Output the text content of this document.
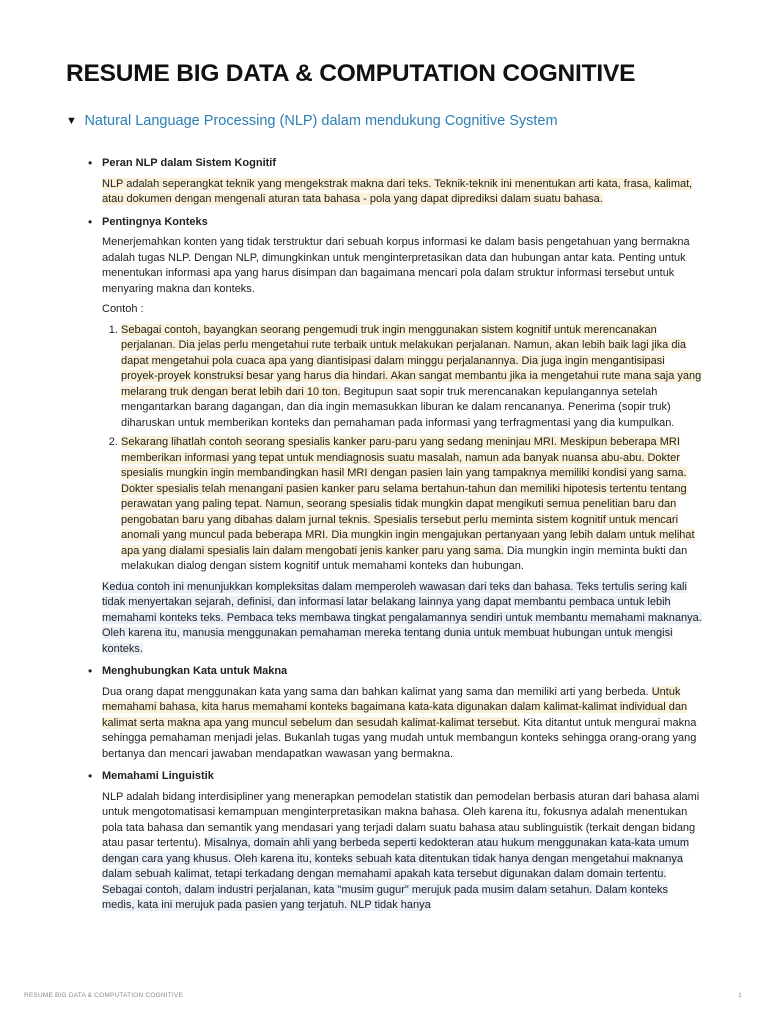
RESUME BIG DATA & COMPUTATION COGNITIVE
▼ Natural Language Processing (NLP) dalam mendukung Cognitive System
• Peran NLP dalam Sistem Kognitif

NLP adalah seperangkat teknik yang mengekstrak makna dari teks. Teknik-teknik ini menentukan arti kata, frasa, kalimat, atau dokumen dengan mengenali aturan tata bahasa - pola yang dapat diprediksi dalam suatu bahasa.

• Pentingnya Konteks

Menerjemahkan konten yang tidak terstruktur dari sebuah korpus informasi ke dalam basis pengetahuan yang bermakna adalah tugas NLP. Dengan NLP, dimungkinkan untuk menginterpretasikan data dan hubungan antar kata. Penting untuk menentukan informasi apa yang harus disimpan dan bagaimana mencari pola dalam struktur informasi tersebut untuk menyaring makna dan konteks.

Contoh :

1. Sebagai contoh, bayangkan seorang pengemudi truk ingin menggunakan sistem kognitif untuk merencanakan perjalanan. Dia jelas perlu mengetahui rute terbaik untuk melakukan perjalanan. Namun, akan lebih baik lagi jika dia dapat mengetahui pola cuaca apa yang diantisipasi dalam minggu perjalanannya. Dia juga ingin mengantisipasi proyek-proyek konstruksi besar yang harus dia hindari. Akan sangat membantu jika ia mengetahui rute mana saja yang melarang truk dengan berat lebih dari 10 ton. Begitupun saat sopir truk merencanakan kepulangannya setelah mengantarkan barang dagangan, dan dia ingin memasukkan liburan ke dalam rencananya. Penerima (sopir truk) diharuskan untuk memberikan konteks dan pemahaman pada informasi yang terfragmentasi yang dia kumpulkan.
2. Sekarang lihatlah contoh seorang spesialis kanker paru-paru yang sedang meninjau MRI. Meskipun beberapa MRI memberikan informasi yang tepat untuk mendiagnosis suatu masalah, namun ada banyak nuansa abu-abu. Dokter spesialis mungkin ingin membandingkan hasil MRI dengan pasien lain yang tampaknya memiliki kondisi yang sama. Dokter spesialis telah menangani pasien kanker paru selama bertahun-tahun dan memiliki hipotesis tertentu tentang perawatan yang paling tepat. Namun, seorang spesialis tidak mungkin dapat mengikuti semua penelitian baru dan pengobatan baru yang dibahas dalam jurnal teknis. Spesialis tersebut perlu meminta sistem kognitif untuk mencari anomali yang muncul pada beberapa MRI. Dia mungkin ingin mengajukan pertanyaan yang lebih dalam untuk melihat apa yang dialami spesialis lain dalam mengobati jenis kanker paru yang sama. Dia mungkin ingin meminta bukti dan melakukan dialog dengan sistem kognitif untuk memahami konteks dan hubungan.

Kedua contoh ini menunjukkan kompleksitas dalam memperoleh wawasan dari teks dan bahasa. Teks tertulis sering kali tidak menyertakan sejarah, definisi, dan informasi latar belakang lainnya yang dapat membantu pembaca untuk lebih memahami konteks teks. Pembaca teks membawa tingkat pengalamannya sendiri untuk membantu memahami maknanya. Oleh karena itu, manusia menggunakan pemahaman mereka tentang dunia untuk membuat hubungan untuk mengisi konteks.

• Menghubungkan Kata untuk Makna

Dua orang dapat menggunakan kata yang sama dan bahkan kalimat yang sama dan memiliki arti yang berbeda. Untuk memahami bahasa, kita harus memahami konteks bagaimana kata-kata digunakan dalam kalimat-kalimat individual dan kalimat serta makna apa yang muncul sebelum dan sesudah kalimat-kalimat tersebut. Kita ditantut untuk mengurai makna sehingga pemahaman menjadi jelas. Bukanlah tugas yang mudah untuk membangun konteks sehingga orang-orang yang bertanya dan mencari jawaban mendapatkan wawasan yang bermakna.

• Memahami Linguistik

NLP adalah bidang interdisipliner yang menerapkan pemodelan statistik dan pemodelan berbasis aturan dari bahasa alami untuk mengotomatisasi kemampuan menginterpretasikan makna bahasa. Oleh karena itu, fokusnya adalah menentukan pola tata bahasa dan semantik yang mendasari yang terjadi dalam suatu bahasa atau sublinguistik (terkait dengan bidang atau pasar tertentu). Misalnya, domain ahli yang berbeda seperti kedokteran atau hukum menggunakan kata-kata umum dengan cara yang khusus. Oleh karena itu, konteks sebuah kata ditentukan tidak hanya dengan mengetahui maknanya dalam sebuah kalimat, tetapi terkadang dengan memahami apakah kata tersebut digunakan dalam domain tertentu. Sebagai contoh, dalam industri perjalanan, kata "musim gugur" merujuk pada musim dalam setahun. Dalam konteks medis, kata ini merujuk pada pasien yang terjatuh. NLP tidak hanya

RESUME BIG DATA & COMPUTATION COGNITIVE	1
